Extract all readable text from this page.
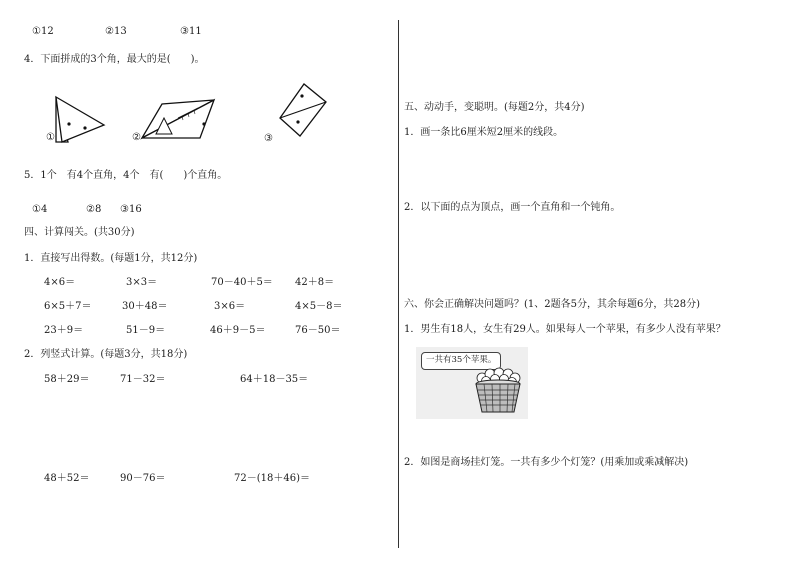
①12	②13	③11
4．下面拼成的3个角，最大的是(　　)。
①	②	③
5．1个　有4个直角，4个　有(　　)个直角。
①4	②8 ③16
四、计算闯关。(共30分)
1．直接写出得数。(每题1分，共12分)
4×6＝	3×3＝	70－40＋5＝ 42＋8＝
6×5＋7＝	30＋48＝	3×6＝	4×5－8＝
23＋9＝	51－9＝	46＋9－5＝	76－50＝
2．列竖式计算。(每题3分，共18分)
58＋29＝	71－32＝	64＋18－35＝
48＋52＝	90－76＝	72－(18＋46)＝
五、动动手，变聪明。(每题2分，共4分)
1．画一条比6厘米短2厘米的线段。
2．以下面的点为顶点，画一个直角和一个钝角。
六、你会正确解决问题吗？(1、2题各5分，其余每题6分，共28分)
1．男生有18人，女生有29人。如果每人一个苹果，有多少人没有苹果？
一共有35个苹果。
2．如图是商场挂灯笼。一共有多少个灯笼？(用乘加或乘减解决)
